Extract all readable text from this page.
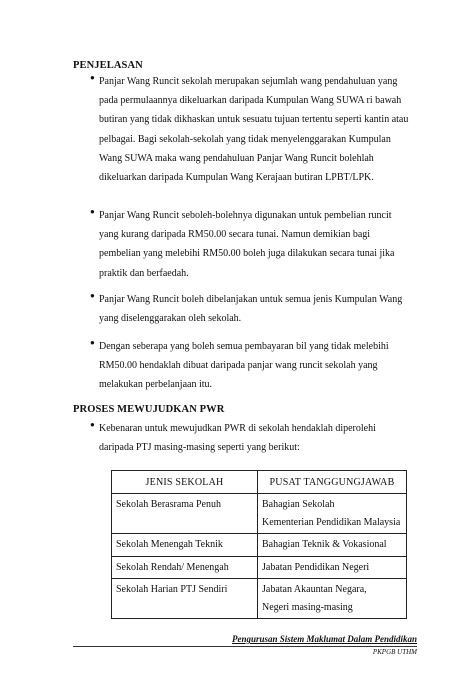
PENJELASAN
● Panjar Wang Runcit sekolah merupakan sejumlah wang pendahuluan yang pada permulaannya dikeluarkan daripada Kumpulan Wang SUWA ri bawah butiran yang tidak dikhaskan untuk sesuatu tujuan tertentu seperti kantin atau pelbagai. Bagi sekolah-sekolah yang tidak menyelenggarakan Kumpulan Wang SUWA maka wang pendahuluan Panjar Wang Runcit bolehlah dikeluarkan daripada Kumpulan Wang Kerajaan butiran LPBT/LPK.

● Panjar Wang Runcit seboleh-bolehnya digunakan untuk pembelian runcit yang kurang daripada RM50.00 secara tunai. Namun demikian bagi pembelian yang melebihi RM50.00 boleh juga dilakukan secara tunai jika praktik dan berfaedah.

● Panjar Wang Runcit boleh dibelanjakan untuk semua jenis Kumpulan Wang yang diselenggarakan oleh sekolah.

● Dengan seberapa yang boleh semua pembayaran bil yang tidak melebihi RM50.00 hendaklah dibuat daripada panjar wang runcit sekolah yang melakukan perbelanjaan itu.

PROSES MEWUJUDKAN PWR
● Kebenaran untuk mewujudkan PWR di sekolah hendaklah diperolehi daripada PTJ masing-masing seperti yang berikut:

JENIS SEKOLAH	PUSAT TANGGUNGJAWAB
Sekolah Berasrama Penuh	Bahagian Sekolah
Kementerian Pendidikan Malaysia

Sekolah Menengah Teknik	Bahagian Teknik & Vokasional

Sekolah Rendah/ Menengah	Jabatan Pendidikan Negeri

Sekolah Harian PTJ Sendiri	Jabatan Akauntan Negara,
Negeri masing-masing
Pengurusan Sistem Maklumat Dalam Pendidikan
PKPGB UTHM
